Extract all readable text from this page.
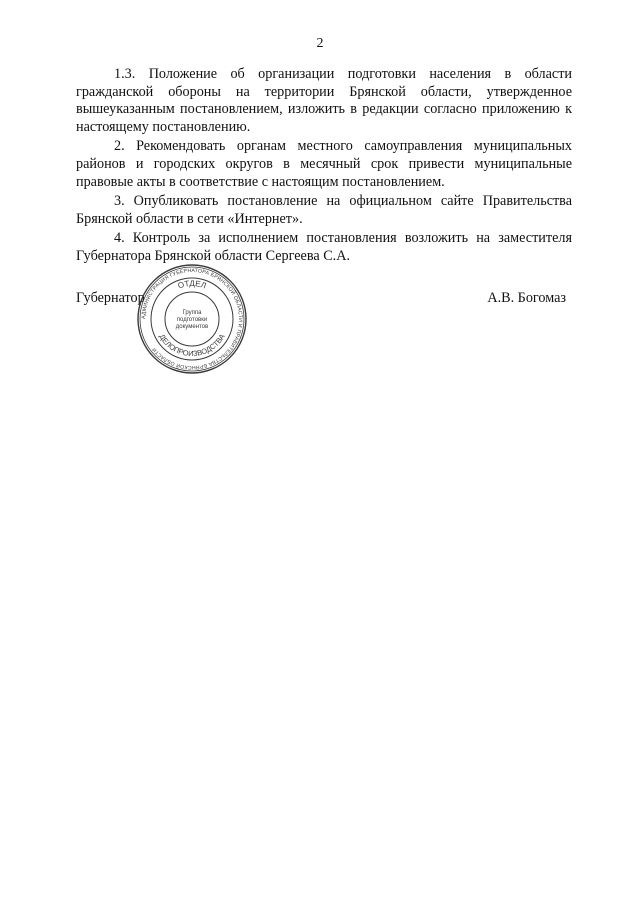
2

1.3. Положение об организации подготовки населения в области гражданской обороны на территории Брянской области, утвержденное вышеуказанным постановлением, изложить в редакции согласно приложению к настоящему постановлению.

2. Рекомендовать органам местного самоуправления муниципальных районов и городских округов в месячный срок привести муниципальные правовые акты в соответствие с настоящим постановлением.

3. Опубликовать постановление на официальном сайте Правительства Брянской области в сети «Интернет».

4. Контроль за исполнением постановления возложить на заместителя Губернатора Брянской области Сергеева С.А.

Губернатор	А.В. Богомаз
АДМИНИСТРАЦИЯ ГУБЕРНАТОРА БРЯНСКОЙ ОБЛАСТИ И ПРАВИТЕЛЬСТВА БРЯНСКОЙ ОБЛАСТИ
ОТДЕЛ
ДЕЛОПРОИЗВОДСТВА
Группа
подготовки
документов
